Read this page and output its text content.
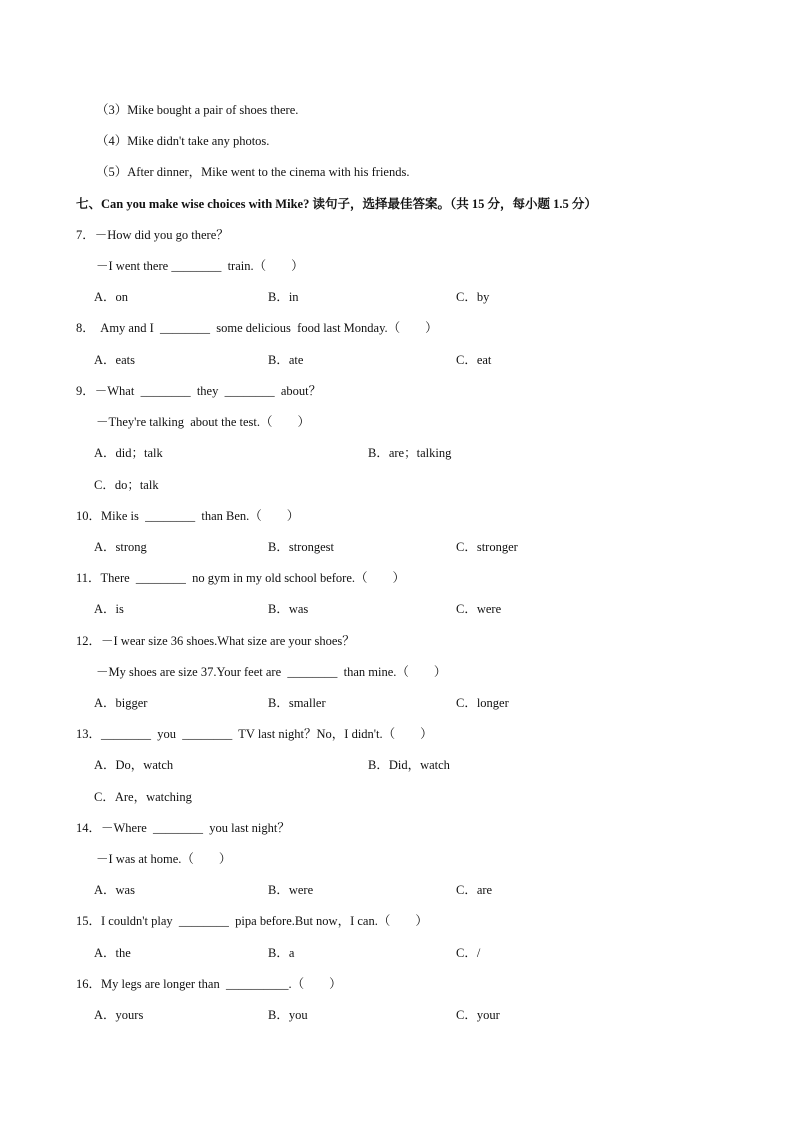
（3）Mike bought a pair of shoes there.
（4）Mike didn't take any photos.
（5）After dinner，Mike went to the cinema with his friends.
七、Can you make wise choices with Mike? 读句子，选择最佳答案。（共 15 分，每小题 1.5 分）
7．－How did you go there？
－I went there ________  train.（　　）
A．on	B．in	C．by
8．  Amy and I  ________  some delicious  food last Monday.（　　）
A．eats	B．ate	C．eat
9．－What  ________  they  ________  about？
－They're talking  about the test.（　　）
A．did；talk	B．are；talking
C．do；talk
10．Mike is  ________  than Ben.（　　）
A．strong	B．strongest	C．stronger
11．There  ________  no gym in my old school before.（　　）
A．is	B．was	C．were
12．－I wear size 36 shoes.What size are your shoes？
－My shoes are size 37.Your feet are  ________  than mine.（　　）
A．bigger	B．smaller	C．longer
13．________  you  ________  TV last night？No，I didn't.（　　）
A．Do，watch	B．Did，watch
C．Are，watching
14．－Where  ________  you last night？
－I was at home.（　　）
A．was	B．were	C．are
15．I couldn't play  ________  pipa before.But now，I can.（　　）
A．the	B．a	C．/
16．My legs are longer than  __________.（　　）
A．yours	B．you	C．your
